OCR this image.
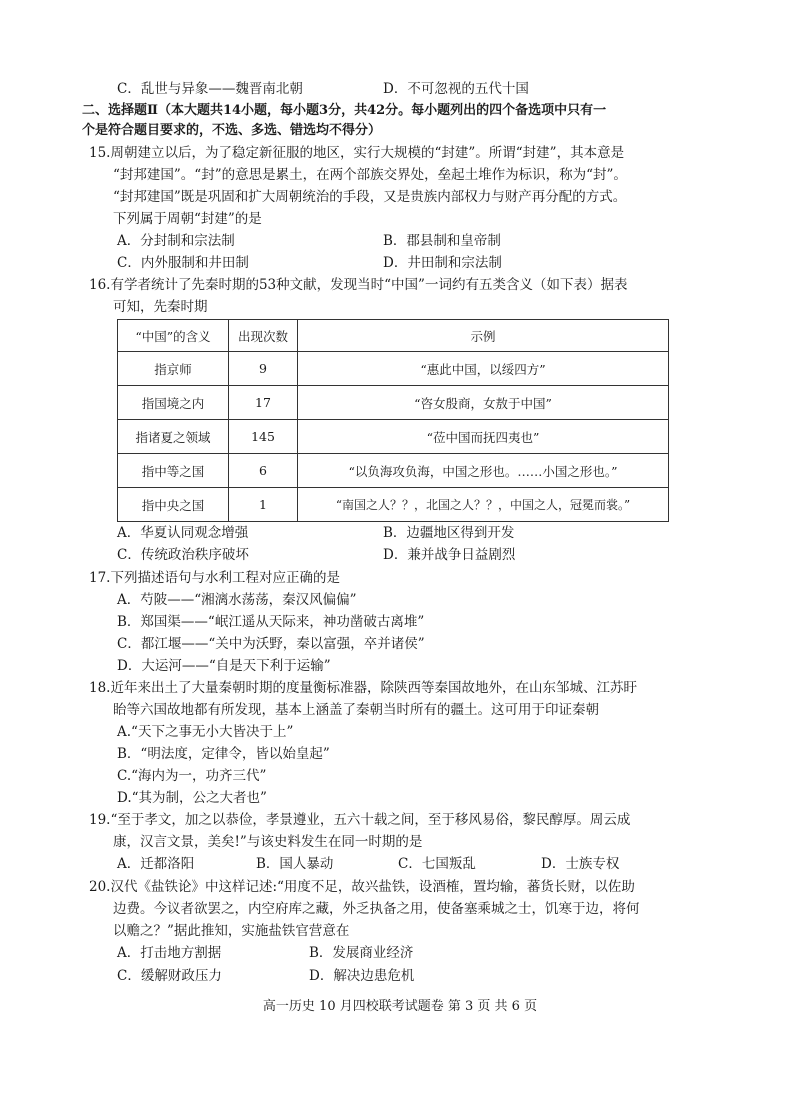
C．乱世与异象——魏晋南北朝	D．不可忽视的五代十国
二、选择题Ⅱ（本大题共14小题，每小题3分，共42分。每小题列出的四个备选项中只有一
个是符合题目要求的，不选、多选、错选均不得分）
15.周朝建立以后，为了稳定新征服的地区，实行大规模的“封建”。所谓“封建”，其本意是
“封邦建国”。“封”的意思是累土，在两个部族交界处，垒起土堆作为标识，称为“封”。
“封邦建国”既是巩固和扩大周朝统治的手段，又是贵族内部权力与财产再分配的方式。
下列属于周朝“封建”的是
A．分封制和宗法制	B．郡县制和皇帝制
C．内外服制和井田制	D．井田制和宗法制
16.有学者统计了先秦时期的53种文献，发现当时“中国”一词约有五类含义（如下表）据表
可知，先秦时期
“中国”的含义	出现次数	示例
指京师	9	“惠此中国，以绥四方”
指国境之内	17	“咨女殷商，女敖于中国”
指诸夏之领域	145	“莅中国而抚四夷也”
指中等之国	6	“以负海攻负海，中国之形也。……小国之形也。”
指中央之国	1	“南国之人？？，北国之人？？，中国之人，冠冕而裳。”
A．华夏认同观念增强	B．边疆地区得到开发
C．传统政治秩序破坏	D．兼并战争日益剧烈
17.下列描述语句与水利工程对应正确的是
A．芍陂——“湘漓水荡荡，秦汉风偏偏”
B．郑国渠——“岷江遥从天际来，神功凿破古离堆”
C．都江堰——“关中为沃野，秦以富强，卒并诸侯”
D．大运河——“自是天下利于运输”
18.近年来出土了大量秦朝时期的度量衡标准器，除陕西等秦国故地外，在山东邹城、江苏盱
眙等六国故地都有所发现，基本上涵盖了秦朝当时所有的疆土。这可用于印证秦朝
A.“天下之事无小大皆决于上”
B．“明法度，定律令，皆以始皇起”
C.“海内为一，功齐三代”
D.“其为制，公之大者也”
19.“至于孝文，加之以恭俭，孝景遵业，五六十载之间，至于移风易俗，黎民醇厚。周云成
康，汉言文景，美矣!”与该史料发生在同一时期的是
A．迁都洛阳	B．国人暴动	C．七国叛乱	D．士族专权
20.汉代《盐铁论》中这样记述:“用度不足，故兴盐铁，设酒榷，置均输，蕃货长财，以佐助
边费。今议者欲罢之，内空府库之藏，外乏执备之用，使备塞乘城之士，饥寒于边，将何
以赡之？”据此推知，实施盐铁官营意在
A．打击地方割据	B．发展商业经济
C．缓解财政压力	D．解决边患危机
高一历史 10 月四校联考试题卷 第 3 页 共 6 页
